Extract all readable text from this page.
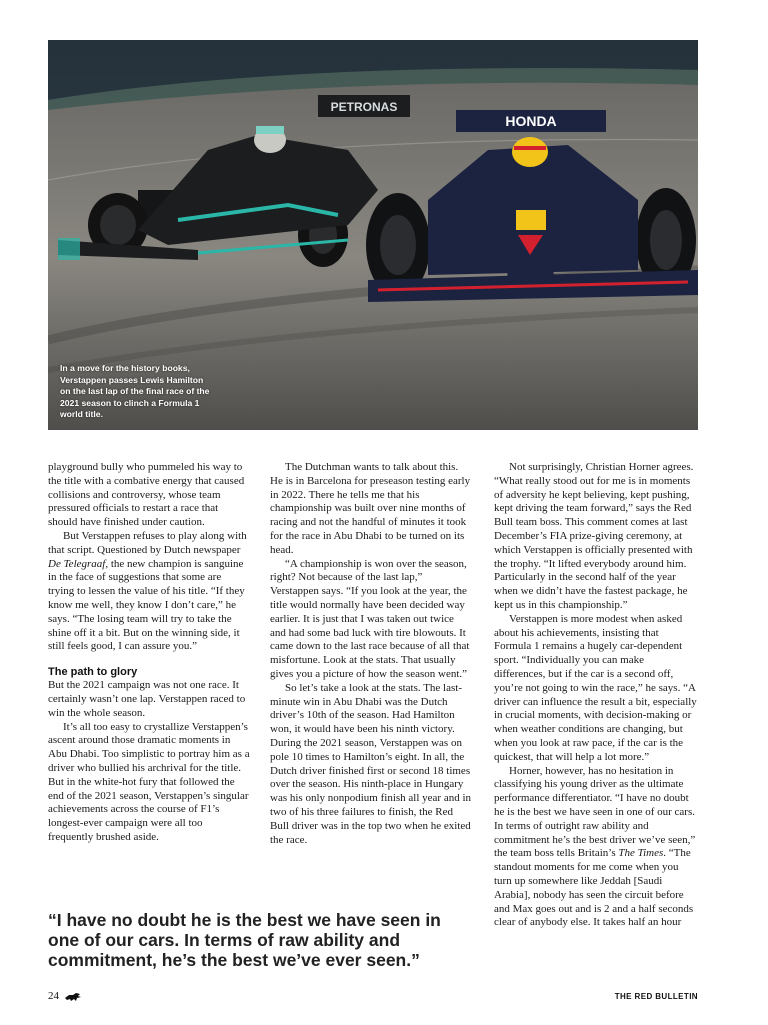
PETRONAS
HONDA
In a move for the history books, Verstappen passes Lewis Hamilton on the last lap of the final race of the 2021 season to clinch a Formula 1 world title.

playground bully who pummeled his way to the title with a combative energy that caused collisions and controversy, whose team pressured officials to restart a race that should have finished under caution.

But Verstappen refuses to play along with that script. Questioned by Dutch newspaper De Telegraaf, the new champion is sanguine in the face of suggestions that some are trying to lessen the value of his title. “If they know me well, they know I don’t care,” he says. “The losing team will try to take the shine off it a bit. But on the winning side, it still feels good, I can assure you.”

The path to glory

But the 2021 campaign was not one race. It certainly wasn’t one lap. Verstappen raced to win the whole season.

It’s all too easy to crystallize Verstappen’s ascent around those dramatic moments in Abu Dhabi. Too simplistic to portray him as a driver who bullied his archrival for the title. But in the white-hot fury that followed the end of the 2021 season, Verstappen’s singular achievements across the course of F1’s longest-ever campaign were all too frequently brushed aside.

The Dutchman wants to talk about this. He is in Barcelona for preseason testing early in 2022. There he tells me that his championship was built over nine months of racing and not the handful of minutes it took for the race in Abu Dhabi to be turned on its head.

“A championship is won over the season, right? Not because of the last lap,” Verstappen says. “If you look at the year, the title would normally have been decided way earlier. It is just that I was taken out twice and had some bad luck with tire blowouts. It came down to the last race because of all that misfortune. Look at the stats. That usually gives you a picture of how the season went.”

So let’s take a look at the stats. The last-minute win in Abu Dhabi was the Dutch driver’s 10th of the season. Had Hamilton won, it would have been his ninth victory. During the 2021 season, Verstappen was on pole 10 times to Hamilton’s eight. In all, the Dutch driver finished first or second 18 times over the season. His ninth-place in Hungary was his only nonpodium finish all year and in two of his three failures to finish, the Red Bull driver was in the top two when he exited the race.

Not surprisingly, Christian Horner agrees. “What really stood out for me is in moments of adversity he kept believing, kept pushing, kept driving the team forward,” says the Red Bull team boss. This comment comes at last December’s FIA prize-giving ceremony, at which Verstappen is officially presented with the trophy. “It lifted everybody around him. Particularly in the second half of the year when we didn’t have the fastest package, he kept us in this championship.”

Verstappen is more modest when asked about his achievements, insisting that Formula 1 remains a hugely car-dependent sport. “Individually you can make differences, but if the car is a second off, you’re not going to win the race,” he says. “A driver can influence the result a bit, especially in crucial moments, with decision-making or when weather conditions are changing, but when you look at raw pace, if the car is the quickest, that will help a lot more.”

Horner, however, has no hesitation in classifying his young driver as the ultimate performance differentiator. “I have no doubt he is the best we have seen in one of our cars. In terms of outright raw ability and commitment he’s the best driver we’ve seen,” the team boss tells Britain’s The Times. “The standout moments for me come when you turn up somewhere like Jeddah [Saudi Arabia], nobody has seen the circuit before and Max goes out and is 2 and a half seconds clear of anybody else. It takes half an hour

“I have no doubt he is the best we have seen in one of our cars. In terms of raw ability and commitment, he’s the best we’ve ever seen.”

24	THE RED BULLETIN
